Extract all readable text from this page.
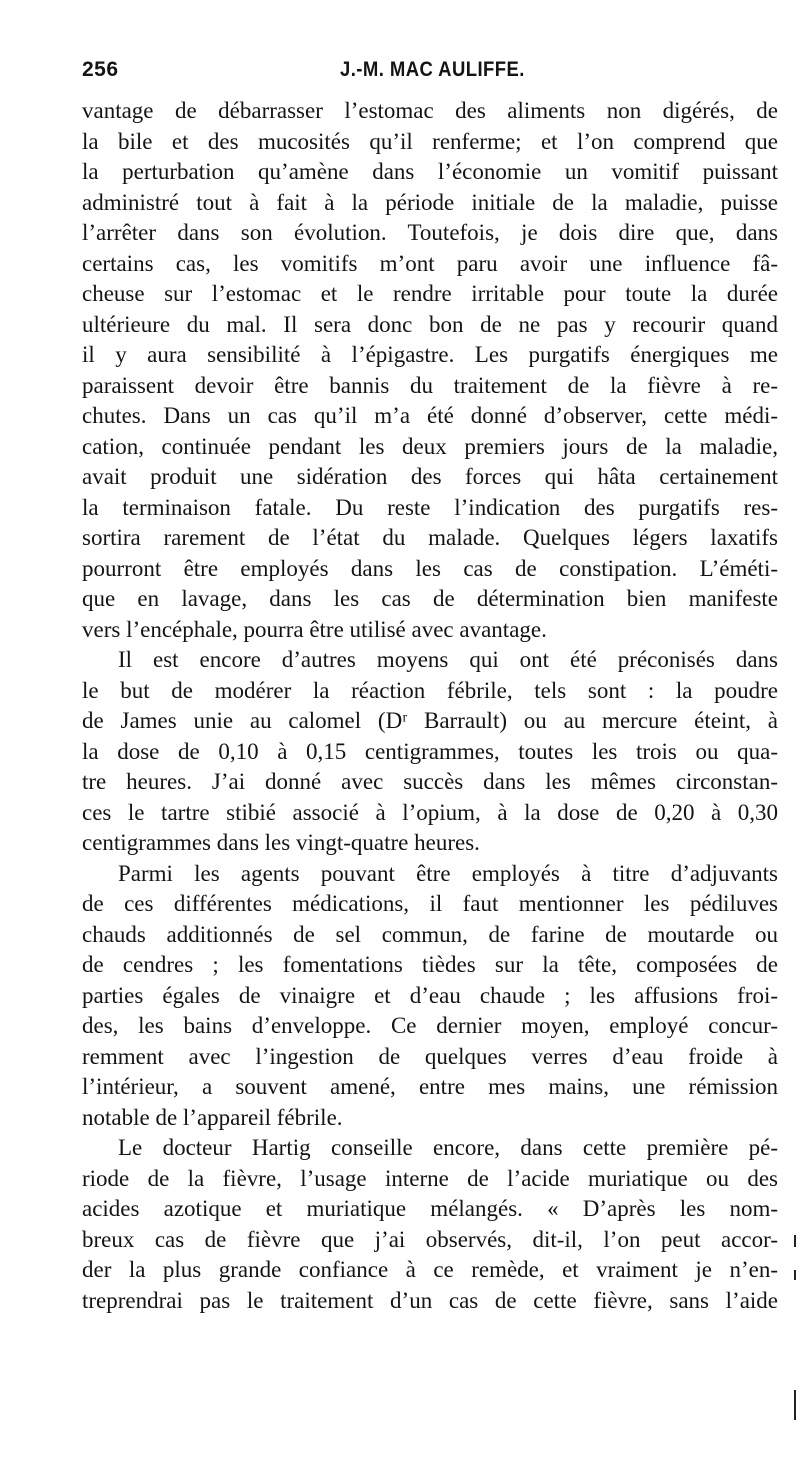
256	J.-M. MAC AULIFFE.
vantage de débarrasser l’estomac des aliments non digérés, de
la bile et des mucosités qu’il renferme; et l’on comprend que
la perturbation qu’amène dans l’économie un vomitif puissant
administré tout à fait à la période initiale de la maladie, puisse
l’arrêter dans son évolution. Toutefois, je dois dire que, dans
certains cas, les vomitifs m’ont paru avoir une influence fâ-
cheuse sur l’estomac et le rendre irritable pour toute la durée
ultérieure du mal. Il sera donc bon de ne pas y recourir quand
il y aura sensibilité à l’épigastre. Les purgatifs énergiques me
paraissent devoir être bannis du traitement de la fièvre à re-
chutes. Dans un cas qu’il m’a été donné d’observer, cette médi-
cation, continuée pendant les deux premiers jours de la maladie,
avait produit une sidération des forces qui hâta certainement
la terminaison fatale. Du reste l’indication des purgatifs res-
sortira rarement de l’état du malade. Quelques légers laxatifs
pourront être employés dans les cas de constipation. L’éméti-
que en lavage, dans les cas de détermination bien manifeste
vers l’encéphale, pourra être utilisé avec avantage.
Il est encore d’autres moyens qui ont été préconisés dans
le but de modérer la réaction fébrile, tels sont : la poudre
de James unie au calomel (Dʳ Barrault) ou au mercure éteint, à
la dose de 0,10 à 0,15 centigrammes, toutes les trois ou qua-
tre heures. J’ai donné avec succès dans les mêmes circonstan-
ces le tartre stibié associé à l’opium, à la dose de 0,20 à 0,30
centigrammes dans les vingt-quatre heures.
Parmi les agents pouvant être employés à titre d’adjuvants
de ces différentes médications, il faut mentionner les pédiluves
chauds additionnés de sel commun, de farine de moutarde ou
de cendres ; les fomentations tièdes sur la tête, composées de
parties égales de vinaigre et d’eau chaude ; les affusions froi-
des, les bains d’enveloppe. Ce dernier moyen, employé concur-
remment avec l’ingestion de quelques verres d’eau froide à
l’intérieur, a souvent amené, entre mes mains, une rémission
notable de l’appareil fébrile.
Le docteur Hartig conseille encore, dans cette première pé-
riode de la fièvre, l’usage interne de l’acide muriatique ou des
acides azotique et muriatique mélangés. « D’après les nom-
breux cas de fièvre que j’ai observés, dit-il, l’on peut accor-
der la plus grande confiance à ce remède, et vraiment je n’en-
treprendrai pas le traitement d’un cas de cette fièvre, sans l’aide
